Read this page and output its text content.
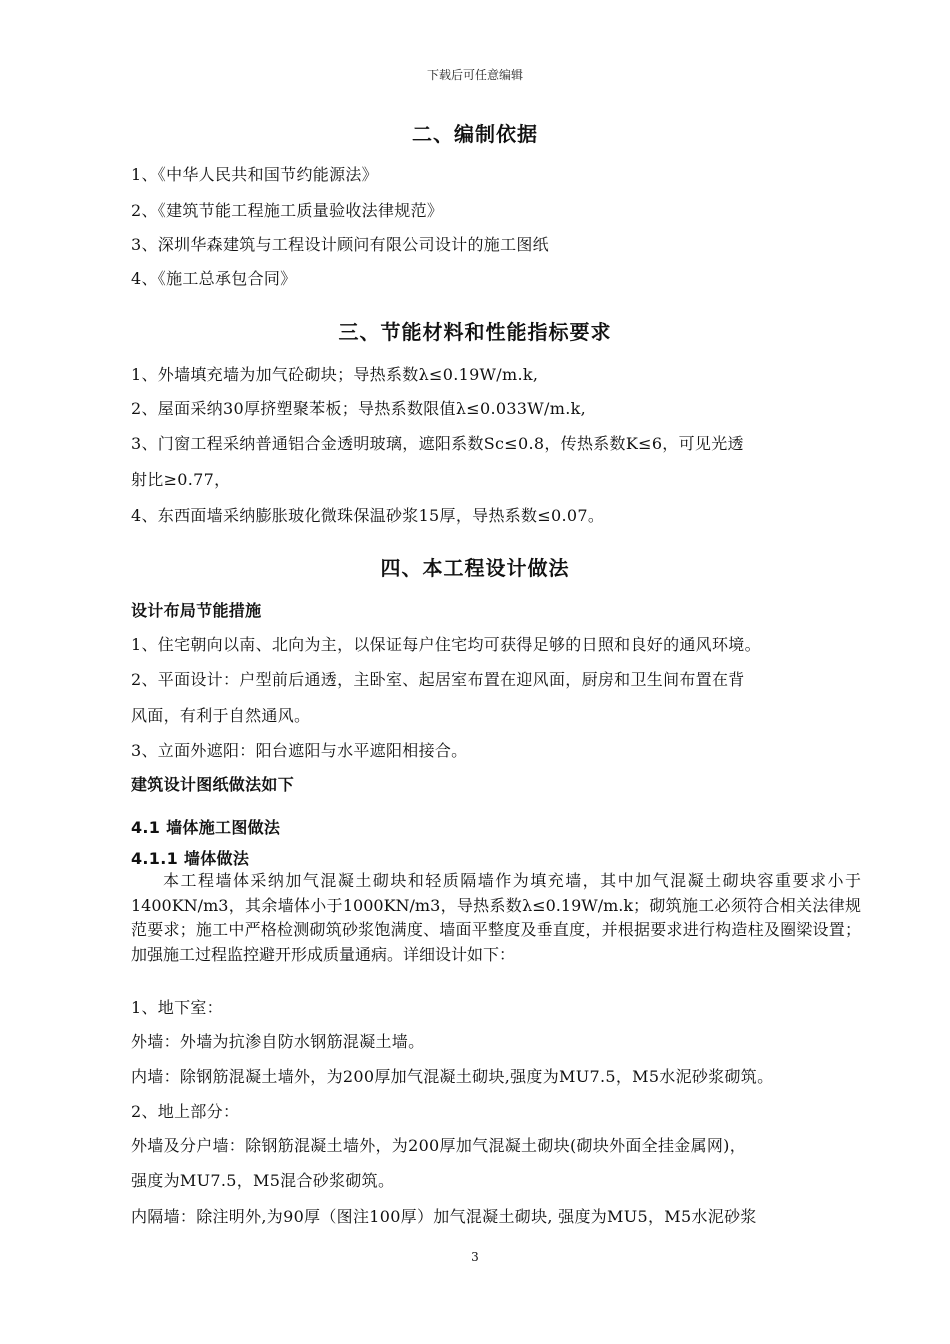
下载后可任意编辑
二、编制依据
1、《中华人民共和国节约能源法》
2、《建筑节能工程施工质量验收法律规范》
3、深圳华森建筑与工程设计顾问有限公司设计的施工图纸
4、《施工总承包合同》
三、节能材料和性能指标要求
1、外墙填充墙为加气砼砌块；导热系数λ≤0.19W/m.k,
2、屋面采纳30厚挤塑聚苯板；导热系数限值λ≤0.033W/m.k,
3、门窗工程采纳普通铝合金透明玻璃，遮阳系数Sc≤0.8，传热系数K≤6，可见光透
射比≥0.77，
4、东西面墙采纳膨胀玻化微珠保温砂浆15厚，导热系数≤0.07。
四、本工程设计做法
设计布局节能措施
1、住宅朝向以南、北向为主，以保证每户住宅均可获得足够的日照和良好的通风环境。
2、平面设计：户型前后通透，主卧室、起居室布置在迎风面，厨房和卫生间布置在背
风面，有利于自然通风。
3、立面外遮阳：阳台遮阳与水平遮阳相接合。
建筑设计图纸做法如下
4.1 墙体施工图做法
4.1.1 墙体做法
本工程墙体采纳加气混凝土砌块和轻质隔墙作为填充墙，其中加气混凝土砌块容重要求小于1400KN/m3，其余墙体小于1000KN/m3，导热系数λ≤0.19W/m.k；砌筑施工必须符合相关法律规范要求；施工中严格检测砌筑砂浆饱满度、墙面平整度及垂直度，并根据要求进行构造柱及圈梁设置；加强施工过程监控避开形成质量通病。详细设计如下：
1、地下室：
外墙：外墙为抗渗自防水钢筋混凝土墙。
内墙：除钢筋混凝土墙外，为200厚加气混凝土砌块,强度为MU7.5，M5水泥砂浆砌筑。
2、地上部分：
外墙及分户墙：除钢筋混凝土墙外，为200厚加气混凝土砌块(砌块外面全挂金属网)，
强度为MU7.5，M5混合砂浆砌筑。
内隔墙：除注明外,为90厚（图注100厚）加气混凝土砌块, 强度为MU5，M5水泥砂浆
3
